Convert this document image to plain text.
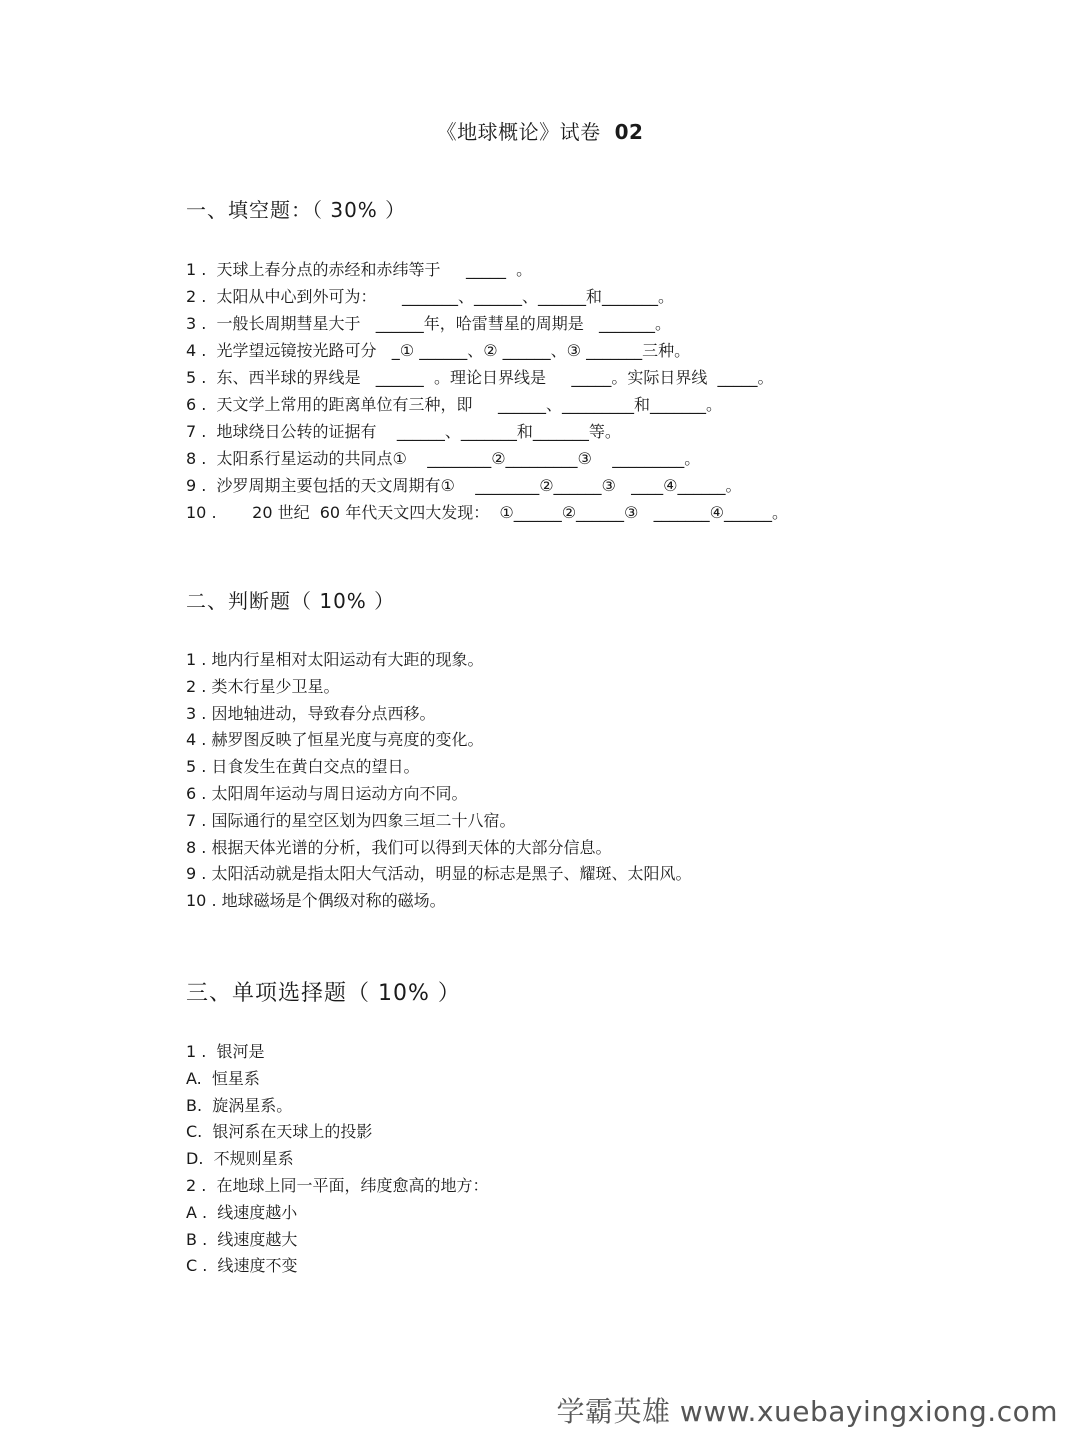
《地球概论》试卷 02
一、填空题：（ 30% ）
1 .  天球上春分点的赤经和赤纬等于     _____  。
2 .  太阳从中心到外可为：     _______、______、______和_______。
3 .  一般长周期彗星大于   ______年，哈雷彗星的周期是   _______。
4 .  光学望远镜按光路可分   _① ______、② ______、③ _______三种。
5 .  东、西半球的界线是   ______  。理论日界线是     _____。实际日界线  _____。
6 .  天文学上常用的距离单位有三种，即     ______、_________和_______。
7 .  地球绕日公转的证据有    ______、_______和_______等。
8 .  太阳系行星运动的共同点①    ________②_________③    _________。
9 .  沙罗周期主要包括的天文周期有①    ________②______③   ____④______。
10 .       20 世纪  60 年代天文四大发现：  ①______②______③   _______④______。
二、判断题（ 10% ）
1 . 地内行星相对太阳运动有大距的现象。
2 . 类木行星少卫星。
3 . 因地轴进动，导致春分点西移。
4 . 赫罗图反映了恒星光度与亮度的变化。
5 . 日食发生在黄白交点的望日。
6 . 太阳周年运动与周日运动方向不同。
7 . 国际通行的星空区划为四象三垣二十八宿。
8 . 根据天体光谱的分析，我们可以得到天体的大部分信息。
9 . 太阳活动就是指太阳大气活动，明显的标志是黑子、耀斑、太阳风。
10 . 地球磁场是个偶级对称的磁场。
三、单项选择题（ 10% ）
1 .  银河是
A.  恒星系
B.  旋涡星系。
C.  银河系在天球上的投影
D.  不规则星系
2 .  在地球上同一平面，纬度愈高的地方：
A .  线速度越小
B .  线速度越大
C .  线速度不变
学霸英雄 www.xuebayingxiong.com
